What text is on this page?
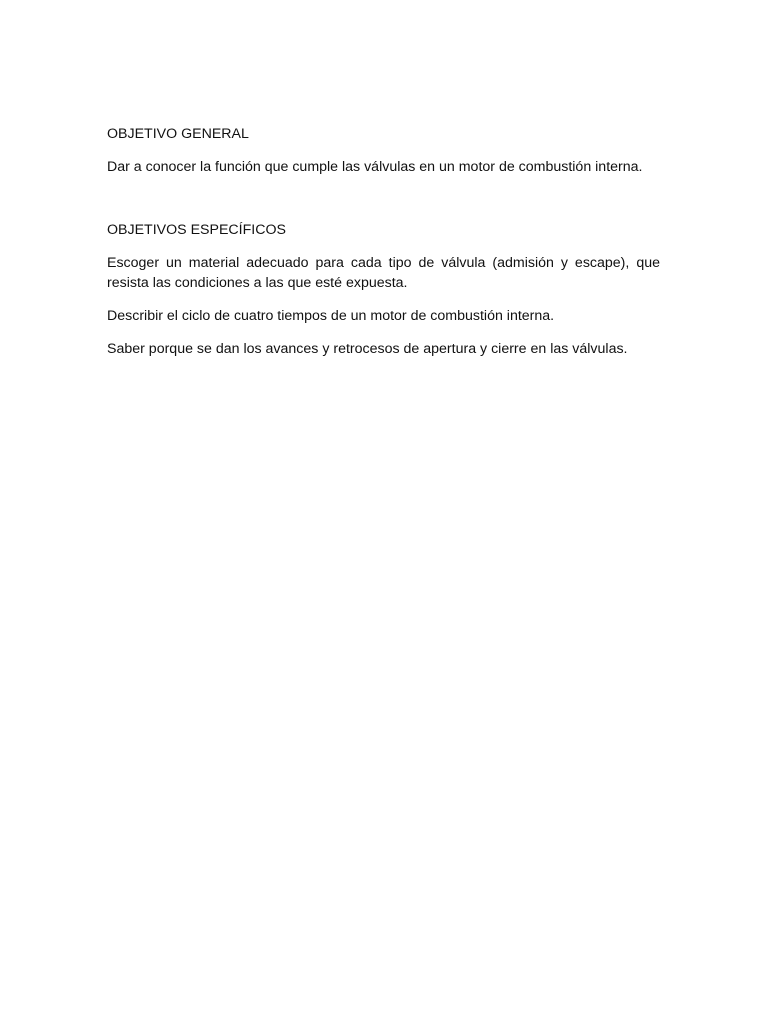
OBJETIVO GENERAL

Dar a conocer la función que cumple las válvulas en un motor de combustión interna.

OBJETIVOS ESPECÍFICOS

Escoger un material adecuado para cada tipo de válvula (admisión y escape), que resista las condiciones a las que esté expuesta.

Describir el ciclo de cuatro tiempos de un motor de combustión interna.

Saber porque se dan los avances y retrocesos de apertura y cierre en las válvulas.
